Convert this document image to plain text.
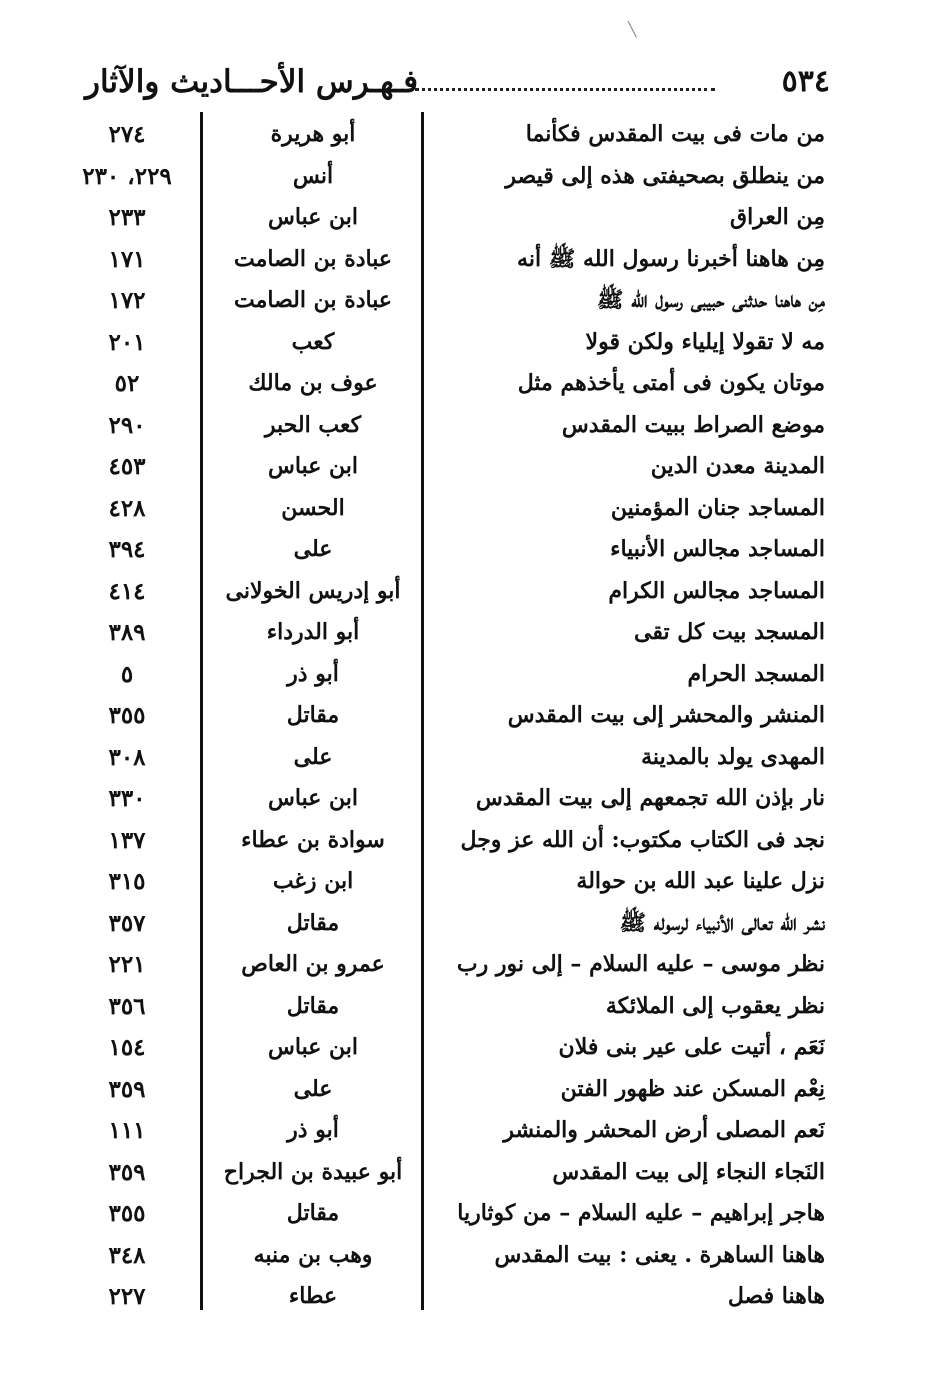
فـهـرس الأحـــاديث والآثار	٥٣٤
من مات فى بيت المقدس فكأنما
أبو هريرة
٢٧٤
من ينطلق بصحيفتى هذه إلى قيصر
أنس
٢٢٩، ٢٣٠
مِن العراق
ابن عباس
٢٣٣
مِن هاهنا أخبرنا رسول الله ﷺ أنه
عبادة بن الصامت
١٧١
مِن هاهنا حدثنى حبيبى رسول الله ﷺ
عبادة بن الصامت
١٧٢
مه لا تقولا إيلياء ولكن قولا
كعب
٢٠١
موتان يكون فى أمتى يأخذهم مثل
عوف بن مالك
٥٢
موضع الصراط ببيت المقدس
كعب الحبر
٢٩٠
المدينة معدن الدين
ابن عباس
٤٥٣
المساجد جنان المؤمنين
الحسن
٤٢٨
المساجد مجالس الأنبياء
على
٣٩٤
المساجد مجالس الكرام
أبو إدريس الخولانى
٤١٤
المسجد بيت كل تقى
أبو الدرداء
٣٨٩
المسجد الحرام
أبو ذر
٥
المنشر والمحشر إلى بيت المقدس
مقاتل
٣٥٥
المهدى يولد بالمدينة
على
٣٠٨
نار بإذن الله تجمعهم إلى بيت المقدس
ابن عباس
٣٣٠
نجد فى الكتاب مكتوب: أن الله عز وجل
سوادة بن عطاء
١٣٧
نزل علينا عبد الله بن حوالة
ابن زغب
٣١٥
نشر الله تعالى الأنبياء لرسوله ﷺ
مقاتل
٣٥٧
نظر موسى – عليه السلام – إلى نور رب
عمرو بن العاص
٢٢١
نظر يعقوب إلى الملائكة
مقاتل
٣٥٦
نَعَم ، أتيت على عير بنى فلان
ابن عباس
١٥٤
نِعْم المسكن عند ظهور الفتن
على
٣٥٩
نَعم المصلى أرض المحشر والمنشر
أبو ذر
١١١
النَجاء النجاء إلى بيت المقدس
أبو عبيدة بن الجراح
٣٥٩
هاجر إبراهيم – عليه السلام – من كوثاريا
مقاتل
٣٥٥
هاهنا الساهرة . يعنى : بيت المقدس
وهب بن منبه
٣٤٨
هاهنا فصل
عطاء
٢٢٧
╲
